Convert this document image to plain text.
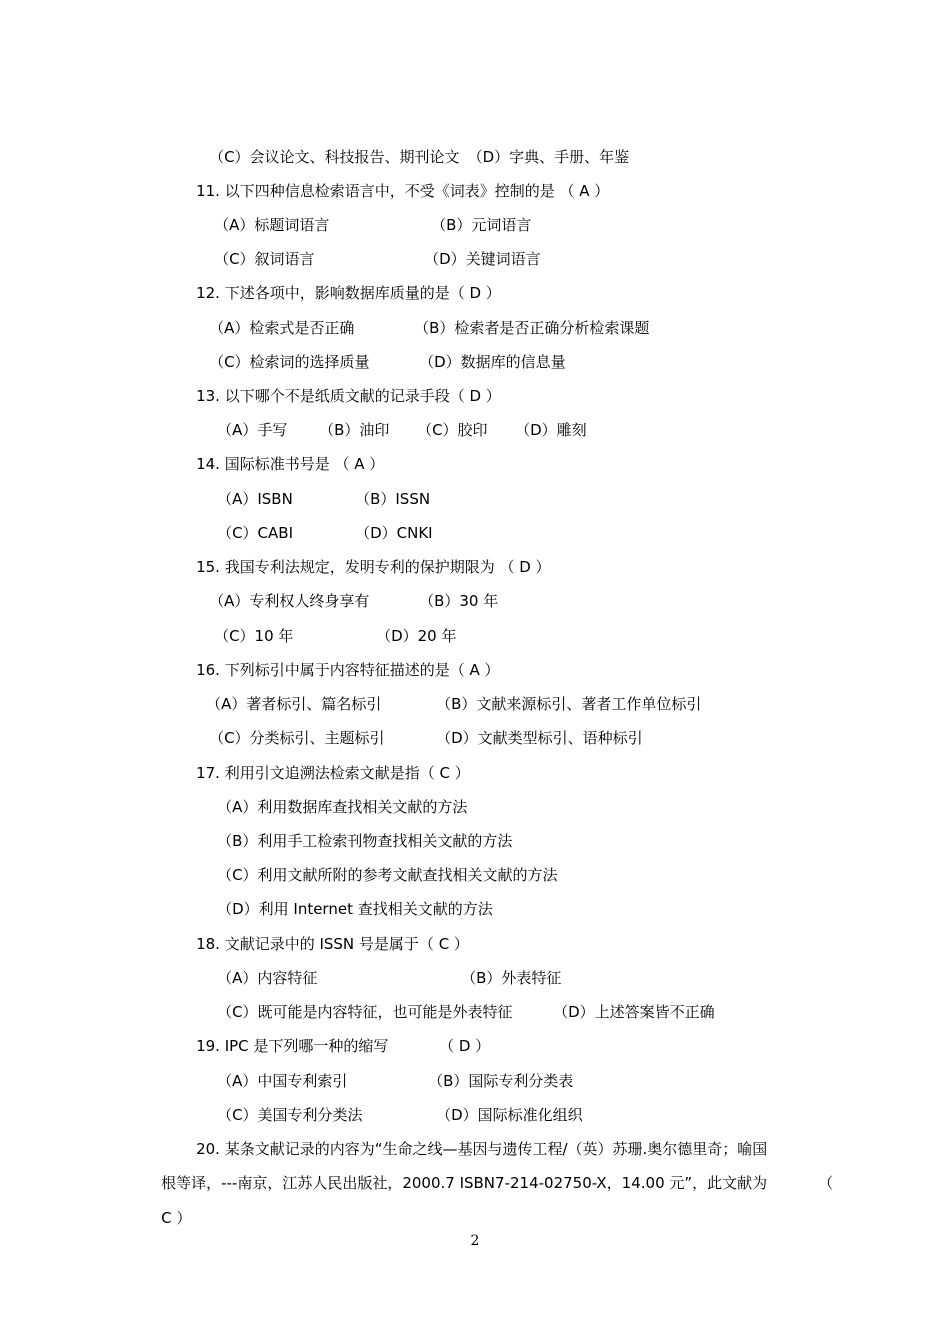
（C）会议论文、科技报告、期刊论文 （D）字典、手册、年鉴

11. 以下四种信息检索语言中，不受《词表》控制的是 （ A ）

（A）标题词语言
	（B）元词语言

（C）叙词语言
	（D）关键词语言

12. 下述各项中，影响数据库质量的是（ D ）

（A）检索式是否正确
	（B）检索者是否正确分析检索课题

（C）检索词的选择质量
	（D）数据库的信息量

13. 以下哪个不是纸质文献的记录手段（ D ）

（A）手写
	（B）油印
	（C）胶印
	（D）雕刻

14. 国际标准书号是 （ A ）

（A）ISBN
	（B）ISSN

（C）CABI
	（D）CNKI

15. 我国专利法规定，发明专利的保护期限为 （ D ）

（A）专利权人终身享有
	（B）30 年

（C）10 年
	（D）20 年

16. 下列标引中属于内容特征描述的是（ A ）

（A）著者标引、篇名标引
	（B）文献来源标引、著者工作单位标引

（C）分类标引、主题标引
	（D）文献类型标引、语种标引

17. 利用引文追溯法检索文献是指（ C ）

（A）利用数据库查找相关文献的方法

（B）利用手工检索刊物查找相关文献的方法

（C）利用文献所附的参考文献查找相关文献的方法

（D）利用 Internet 查找相关文献的方法

18. 文献记录中的 ISSN 号是属于（ C ）

（A）内容特征
	（B）外表特征

（C）既可能是内容特征，也可能是外表特征
	（D）上述答案皆不正确

19. IPC 是下列哪一种的缩写
	（ D ）

（A）中国专利索引
	（B）国际专利分类表

（C）美国专利分类法
	（D）国际标准化组织

20. 某条文献记录的内容为“生命之线—基因与遗传工程/（英）苏珊.奥尔德里奇；喻国

根等译，---南京，江苏人民出版社，2000.7 ISBN7-214-02750-X，14.00 元”，此文献为
	（

C ）

2
